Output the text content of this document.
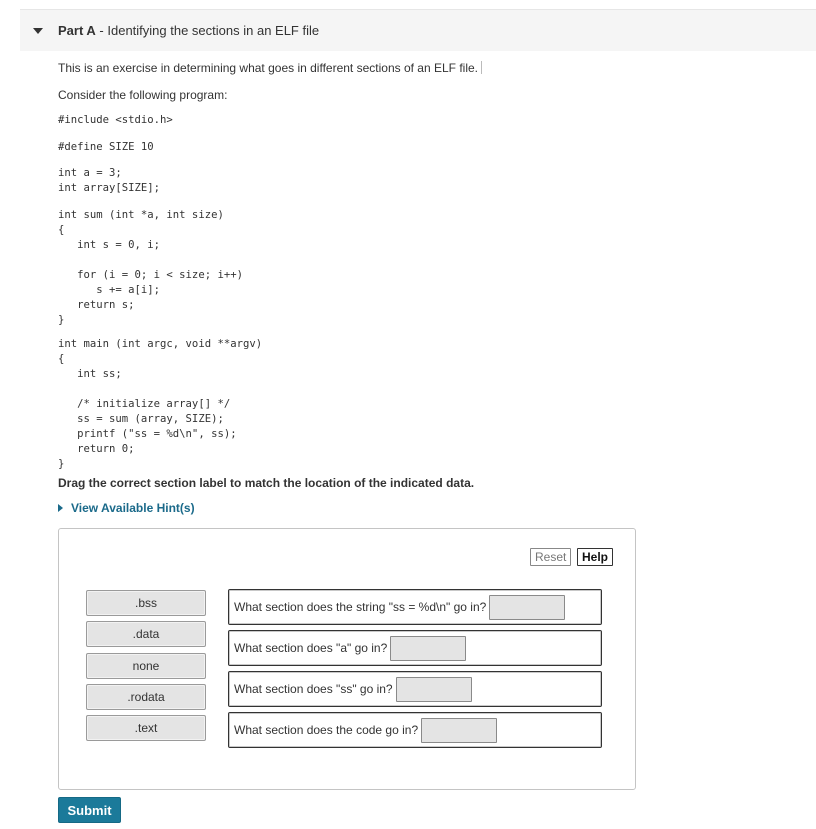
Part A - Identifying the sections in an ELF file
This is an exercise in determining what goes in different sections of an ELF file.
Consider the following program:
#include <stdio.h>
#define SIZE 10
int a = 3;
int array[SIZE];
int sum (int *a, int size)
{
int s = 0, i;

for (i = 0; i < size; i++)
s += a[i];
return s;
}
int main (int argc, void **argv)
{
int ss;

/* initialize array[] */
ss = sum (array, SIZE);
printf ("ss = %d\n", ss);
return 0;
}
Drag the correct section label to match the location of the indicated data.
View Available Hint(s)
Reset	Help
.bss
.data
none
.rodata
.text
What section does the string "ss = %d\n" go in?
What section does "a" go in?
What section does "ss" go in?
What section does the code go in?
Submit
